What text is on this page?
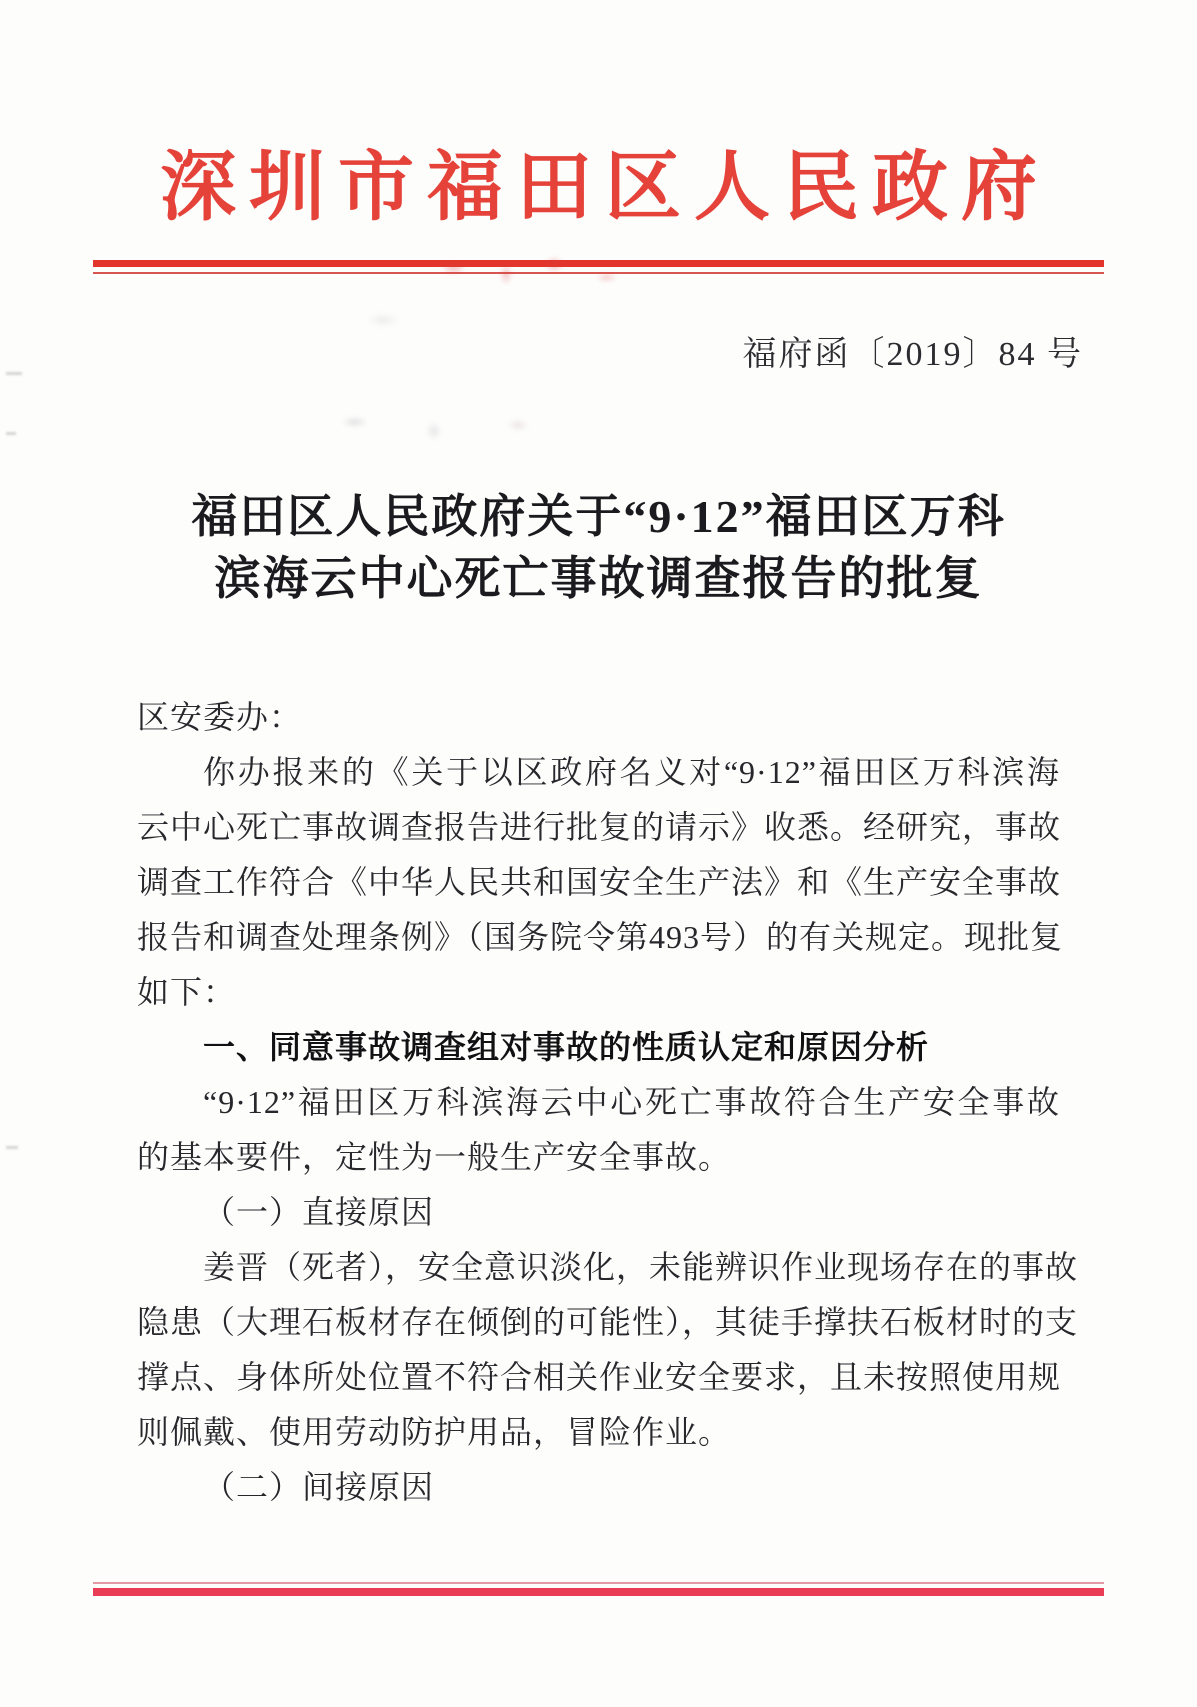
深圳市福田区人民政府
福府函〔2019〕84 号
福田区人民政府关于“9·12”福田区万科
滨海云中心死亡事故调查报告的批复

区安委办：

你办报来的《关于以区政府名义对“9·12”福田区万科滨海

云中心死亡事故调查报告进行批复的请示》收悉。经研究，事故

调查工作符合《中华人民共和国安全生产法》和《生产安全事故

报告和调查处理条例》（国务院令第493号）的有关规定。现批复

如下：

一、同意事故调查组对事故的性质认定和原因分析

“9·12”福田区万科滨海云中心死亡事故符合生产安全事故

的基本要件，定性为一般生产安全事故。

（一）直接原因

姜晋（死者），安全意识淡化，未能辨识作业现场存在的事故

隐患（大理石板材存在倾倒的可能性），其徒手撑扶石板材时的支

撑点、身体所处位置不符合相关作业安全要求，且未按照使用规

则佩戴、使用劳动防护用品，冒险作业。

（二）间接原因
